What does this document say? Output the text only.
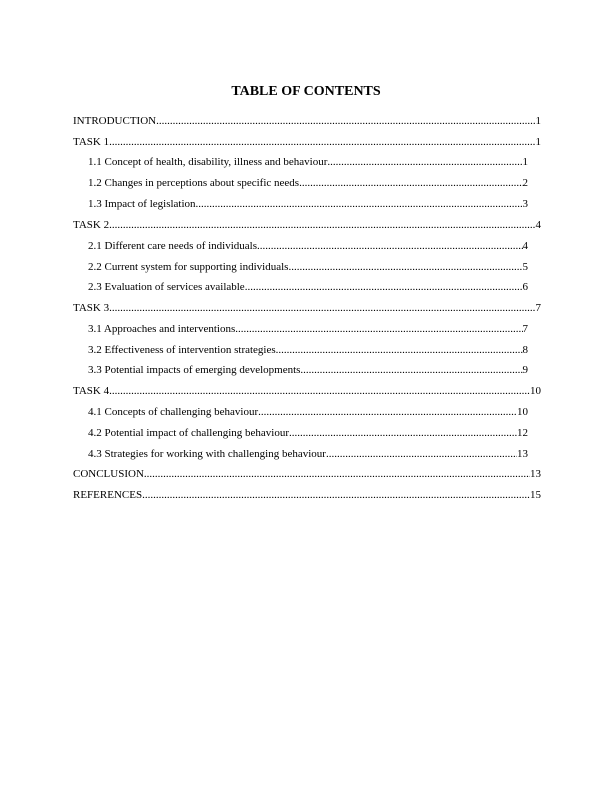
TABLE OF CONTENTS
INTRODUCTION .....	1
TASK 1 .....	1
1.1 Concept of health, disability, illness and behaviour .....	1
1.2 Changes in perceptions about specific needs .....	2
1.3 Impact of legislation .....	3
TASK 2 .....	4
2.1 Different care needs of individuals .....	4
2.2 Current system for supporting individuals .....	5
2.3 Evaluation of services available .....	6
TASK 3 .....	7
3.1 Approaches and interventions .....	7
3.2 Effectiveness of intervention strategies .....	8
3.3 Potential impacts of emerging developments .....	9
TASK 4 .....	10
4.1 Concepts of challenging behaviour .....	10
4.2 Potential impact of challenging behaviour .....	12
4.3 Strategies for working with challenging behaviour .....	13
CONCLUSION .....	13
REFERENCES .....	15
